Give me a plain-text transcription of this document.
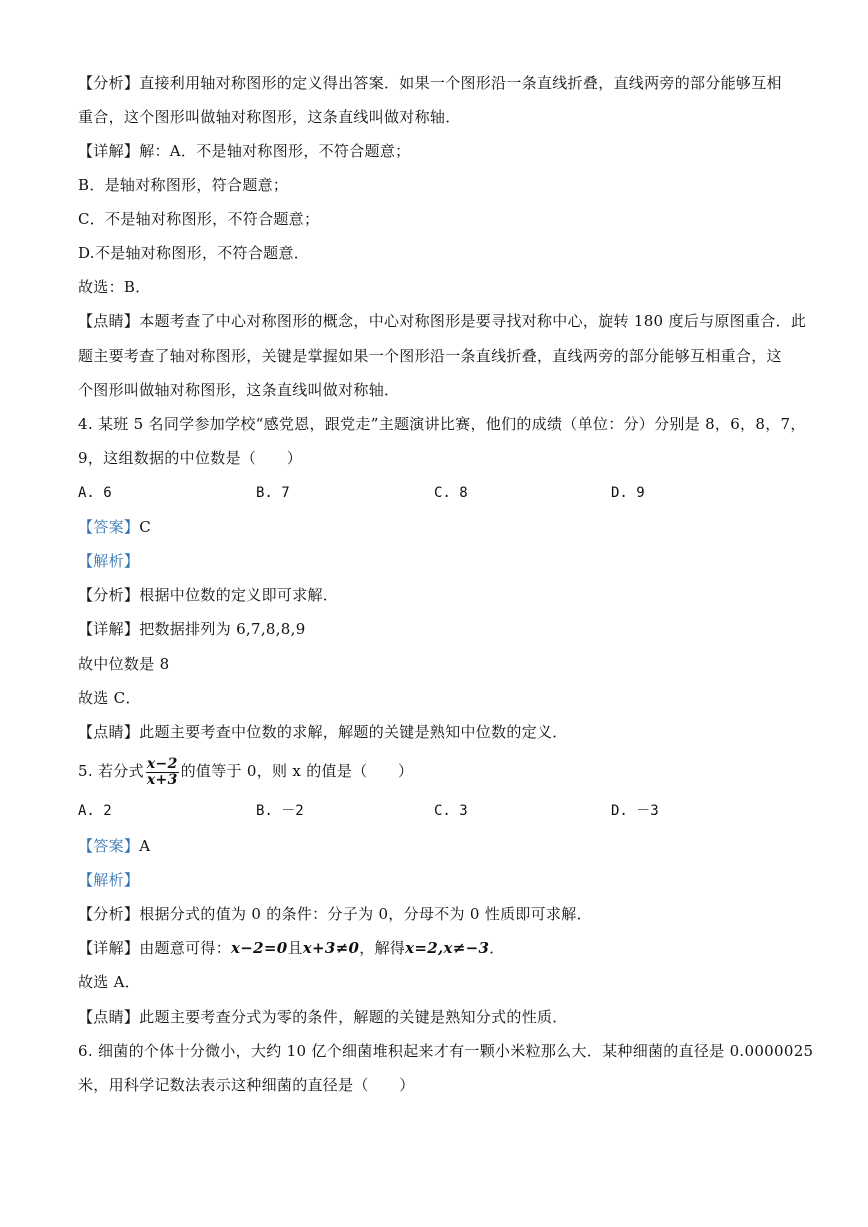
【分析】直接利用轴对称图形的定义得出答案．如果一个图形沿一条直线折叠，直线两旁的部分能够互相
重合，这个图形叫做轴对称图形，这条直线叫做对称轴．
【详解】解：A．不是轴对称图形，不符合题意；
B．是轴对称图形，符合题意；
C．不是轴对称图形，不符合题意；
D.不是轴对称图形，不符合题意．
故选：B．
【点睛】本题考查了中心对称图形的概念，中心对称图形是要寻找对称中心，旋转 180 度后与原图重合．此
题主要考查了轴对称图形，关键是掌握如果一个图形沿一条直线折叠，直线两旁的部分能够互相重合，这
个图形叫做轴对称图形，这条直线叫做对称轴．
4. 某班 5 名同学参加学校“感党恩，跟党走”主题演讲比赛，他们的成绩（单位：分）分别是 8，6，8，7，
9，这组数据的中位数是（　　）
A. 6	B. 7	C. 8	D. 9
【答案】C
【解析】
【分析】根据中位数的定义即可求解．
【详解】把数据排列为 6,7,8,8,9
故中位数是 8
故选 C．
【点睛】此题主要考查中位数的求解，解题的关键是熟知中位数的定义．
5. 若分式 $\frac{x-2}{x+3}$ 的值等于 0，则 x 的值是（　　）
A. 2	B. －2	C. 3	D. －3
【答案】A
【解析】
【分析】根据分式的值为 0 的条件：分子为 0，分母不为 0 性质即可求解．
【详解】由题意可得：x−2=0且x+3≠0，解得x=2,x≠−3．
故选 A．
【点睛】此题主要考查分式为零的条件，解题的关键是熟知分式的性质．
6. 细菌的个体十分微小，大约 10 亿个细菌堆积起来才有一颗小米粒那么大．某种细菌的直径是 0.0000025
米，用科学记数法表示这种细菌的直径是（　　）
